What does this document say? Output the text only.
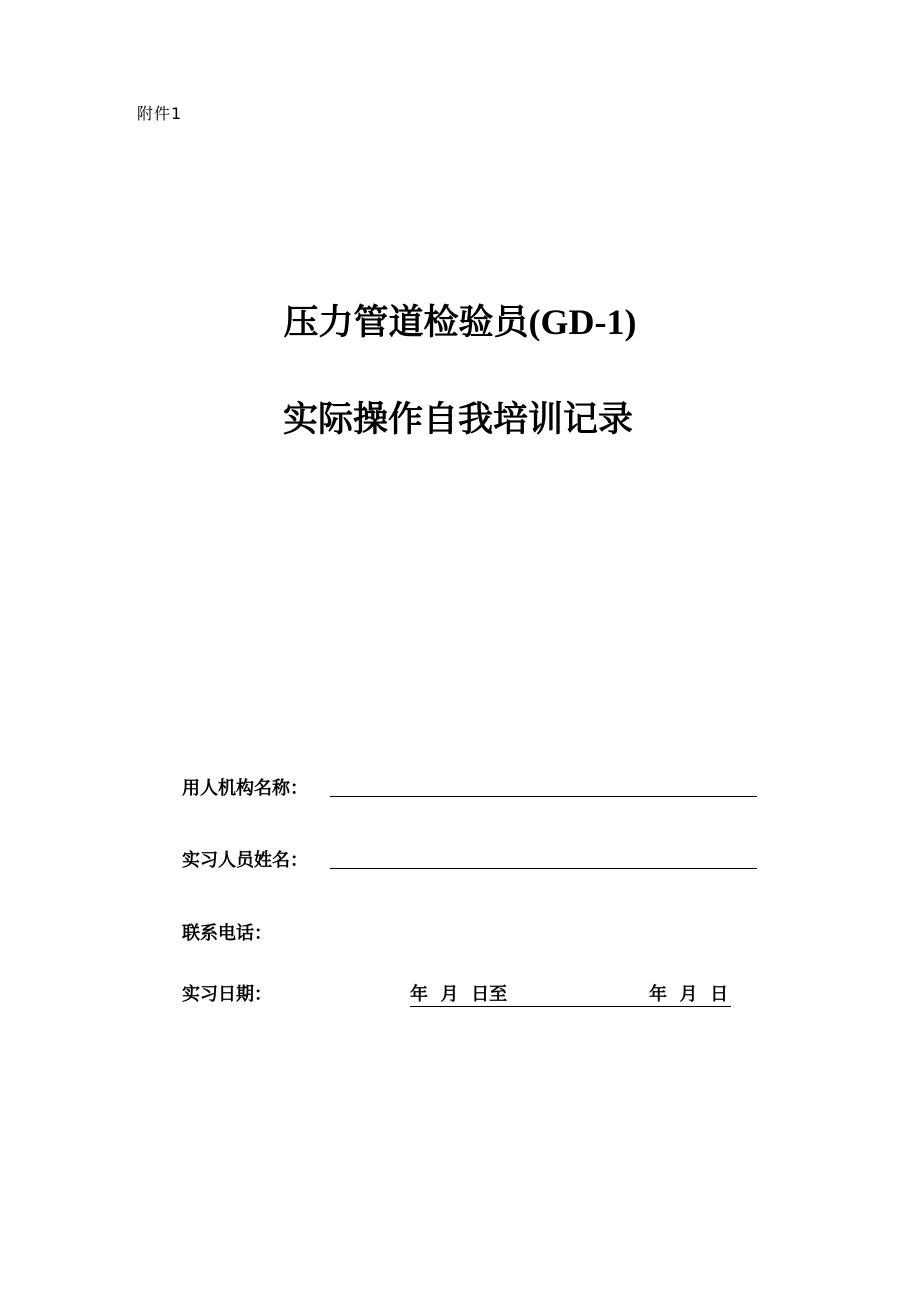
附件1
压力管道检验员(GD-1)
实际操作自我培训记录
用人机构名称：
实习人员姓名：
联系电话：
实习日期：	年  月  日至	年  月  日
